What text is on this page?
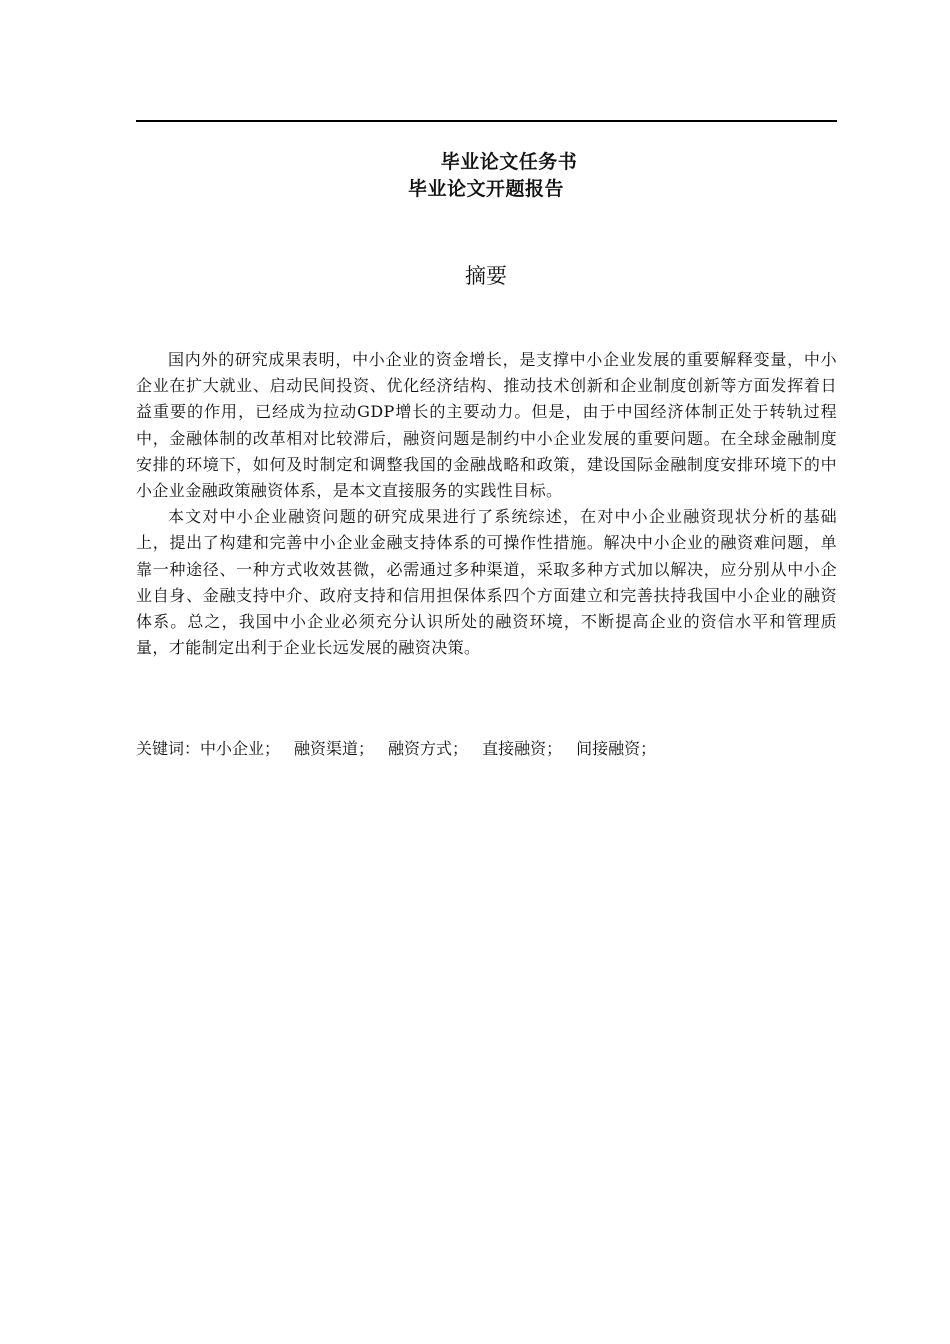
毕业论文任务书
毕业论文开题报告
摘要

国内外的研究成果表明，中小企业的资金增长，是支撑中小企业发展的重要解释变量，中小企业在扩大就业、启动民间投资、优化经济结构、推动技术创新和企业制度创新等方面发挥着日益重要的作用，已经成为拉动GDP增长的主要动力。但是，由于中国经济体制正处于转轨过程中，金融体制的改革相对比较滞后，融资问题是制约中小企业发展的重要问题。在全球金融制度安排的环境下，如何及时制定和调整我国的金融战略和政策，建设国际金融制度安排环境下的中小企业金融政策融资体系，是本文直接服务的实践性目标。

本文对中小企业融资问题的研究成果进行了系统综述，在对中小企业融资现状分析的基础上，提出了构建和完善中小企业金融支持体系的可操作性措施。解决中小企业的融资难问题，单靠一种途径、一种方式收效甚微，必需通过多种渠道，采取多种方式加以解决，应分别从中小企业自身、金融支持中介、政府支持和信用担保体系四个方面建立和完善扶持我国中小企业的融资体系。总之，我国中小企业必须充分认识所处的融资环境，不断提高企业的资信水平和管理质量，才能制定出利于企业长远发展的融资决策。

关键词：中小企业； 融资渠道； 融资方式； 直接融资； 间接融资；
